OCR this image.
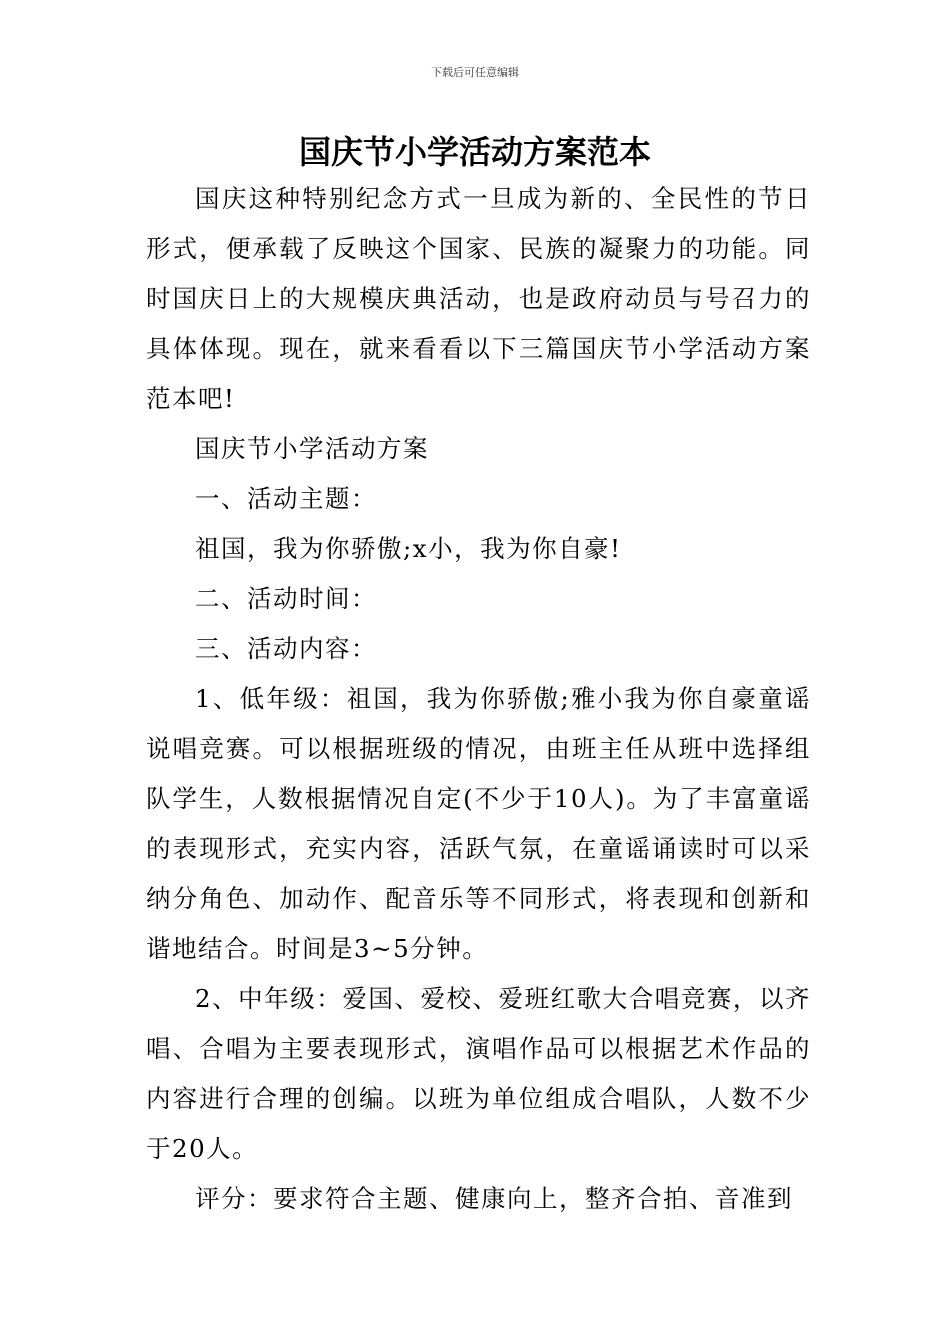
下载后可任意编辑
国庆节小学活动方案范本

国庆这种特别纪念方式一旦成为新的、全民性的节日形式，便承载了反映这个国家、民族的凝聚力的功能。同时国庆日上的大规模庆典活动，也是政府动员与号召力的具体体现。现在，就来看看以下三篇国庆节小学活动方案范本吧!

国庆节小学活动方案

一、活动主题：

祖国，我为你骄傲;x小，我为你自豪!

二、活动时间：

三、活动内容：

1、低年级：祖国，我为你骄傲;雅小我为你自豪童谣说唱竞赛。可以根据班级的情况，由班主任从班中选择组队学生，人数根据情况自定(不少于10人)。为了丰富童谣的表现形式，充实内容，活跃气氛，在童谣诵读时可以采纳分角色、加动作、配音乐等不同形式，将表现和创新和谐地结合。时间是3~5分钟。

2、中年级：爱国、爱校、爱班红歌大合唱竞赛，以齐唱、合唱为主要表现形式，演唱作品可以根据艺术作品的内容进行合理的创编。以班为单位组成合唱队，人数不少于20人。

评分：要求符合主题、健康向上，整齐合拍、音准到
